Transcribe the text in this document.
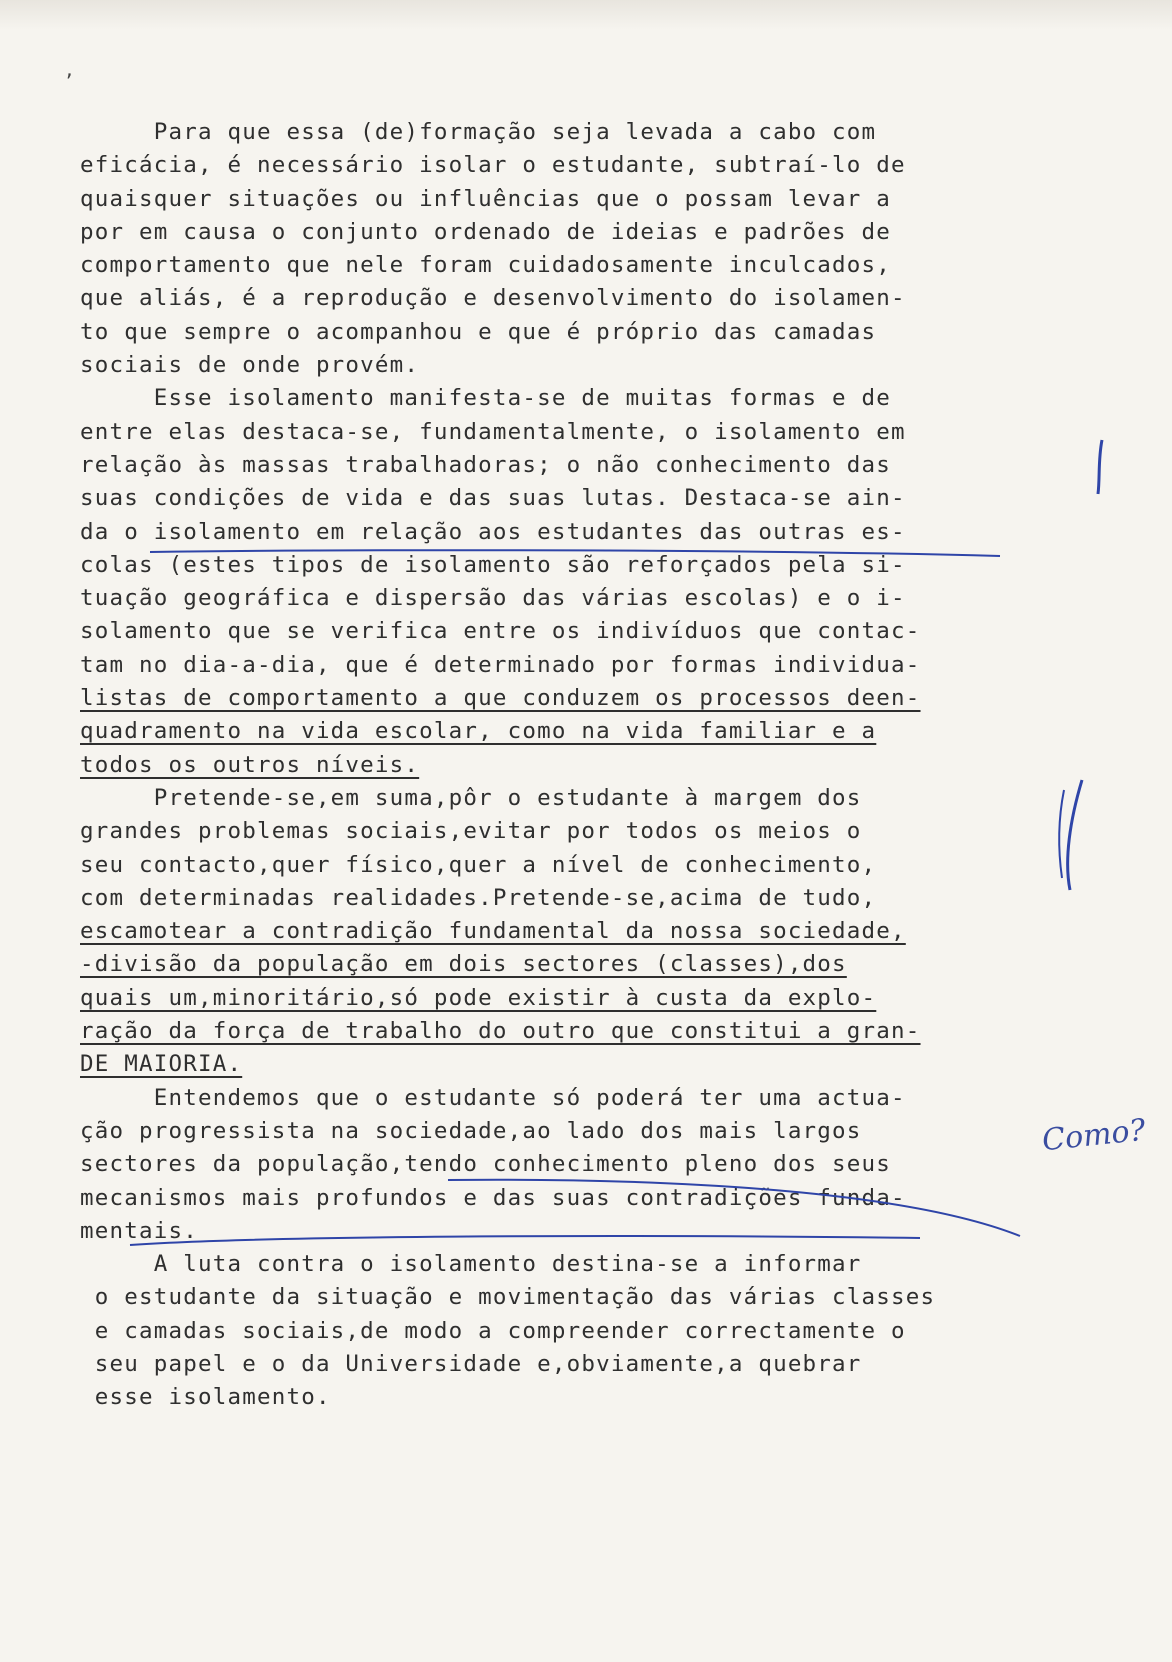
,
Para que essa (de)formação seja levada a cabo com
eficácia, é necessário isolar o estudante, subtraí-lo de
quaisquer situações ou influências que o possam levar a
por em causa o conjunto ordenado de ideias e padrões de
comportamento que nele foram cuidadosamente inculcados,
que aliás, é a reprodução e desenvolvimento do isolamen-
to que sempre o acompanhou e que é próprio das camadas
sociais de onde provém.
Esse isolamento manifesta-se de muitas formas e de
entre elas destaca-se, fundamentalmente, o isolamento em
relação às massas trabalhadoras; o não conhecimento das
suas condições de vida e das suas lutas. Destaca-se ain-
da o isolamento em relação aos estudantes das outras es-
colas (estes tipos de isolamento são reforçados pela si-
tuação geográfica e dispersão das várias escolas) e o i-
solamento que se verifica entre os indivíduos que contac-
tam no dia-a-dia, que é determinado por formas individua-
listas de comportamento a que conduzem os processos deen-
quadramento na vida escolar, como na vida familiar e a
todos os outros níveis.
Pretende-se,em suma,pôr o estudante à margem dos
grandes problemas sociais,evitar por todos os meios o
seu contacto,quer físico,quer a nível de conhecimento,
com determinadas realidades.Pretende-se,acima de tudo,
escamotear a contradição fundamental da nossa sociedade,
-divisão da população em dois sectores (classes),dos
quais um,minoritário,só pode existir à custa da explo-
ração da força de trabalho do outro que constitui a gran-
DE MAIORIA.
Entendemos que o estudante só poderá ter uma actua-
ção progressista na sociedade,ao lado dos mais largos
sectores da população,tendo conhecimento pleno dos seus
mecanismos mais profundos e das suas contradições funda-
mentais.
A luta contra o isolamento destina-se a informar
o estudante da situação e movimentação das várias classes
e camadas sociais,de modo a compreender correctamente o
seu papel e o da Universidade e,obviamente,a quebrar
esse isolamento.
Como?
